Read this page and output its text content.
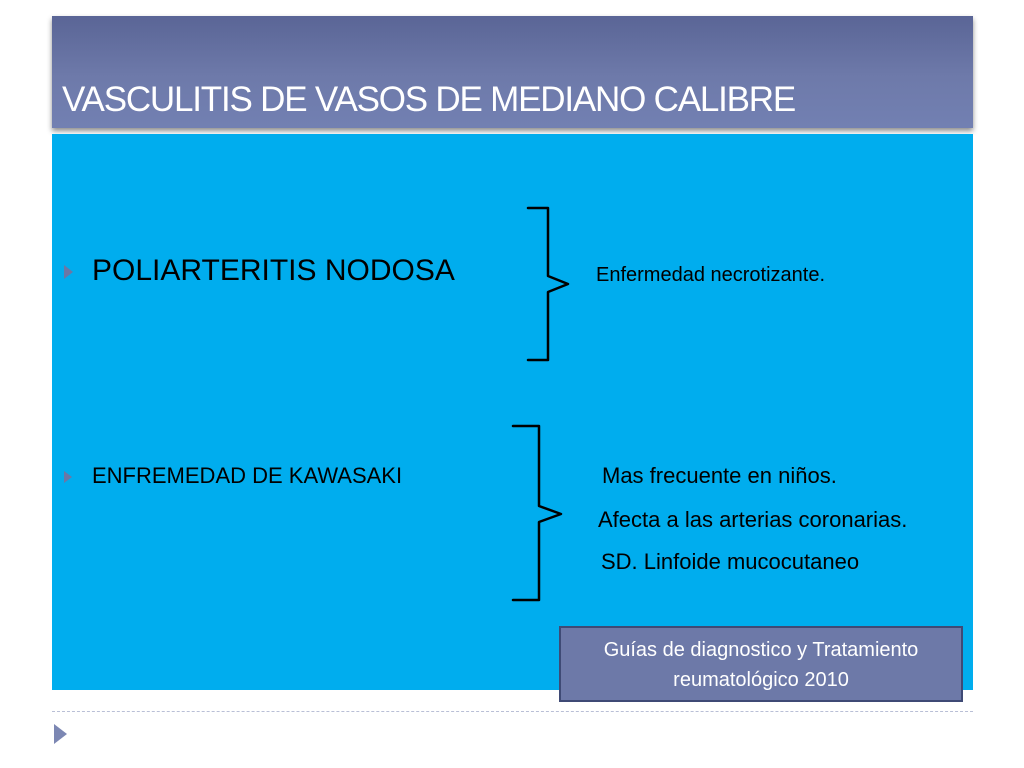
VASCULITIS DE VASOS DE MEDIANO CALIBRE
POLIARTERITIS NODOSA	Enfermedad necrotizante.
ENFREMEDAD DE KAWASAKI	Mas frecuente en niños.
Afecta a las arterias coronarias.
SD. Linfoide mucocutaneo
Guías de diagnostico y Tratamiento
reumatológico 2010
